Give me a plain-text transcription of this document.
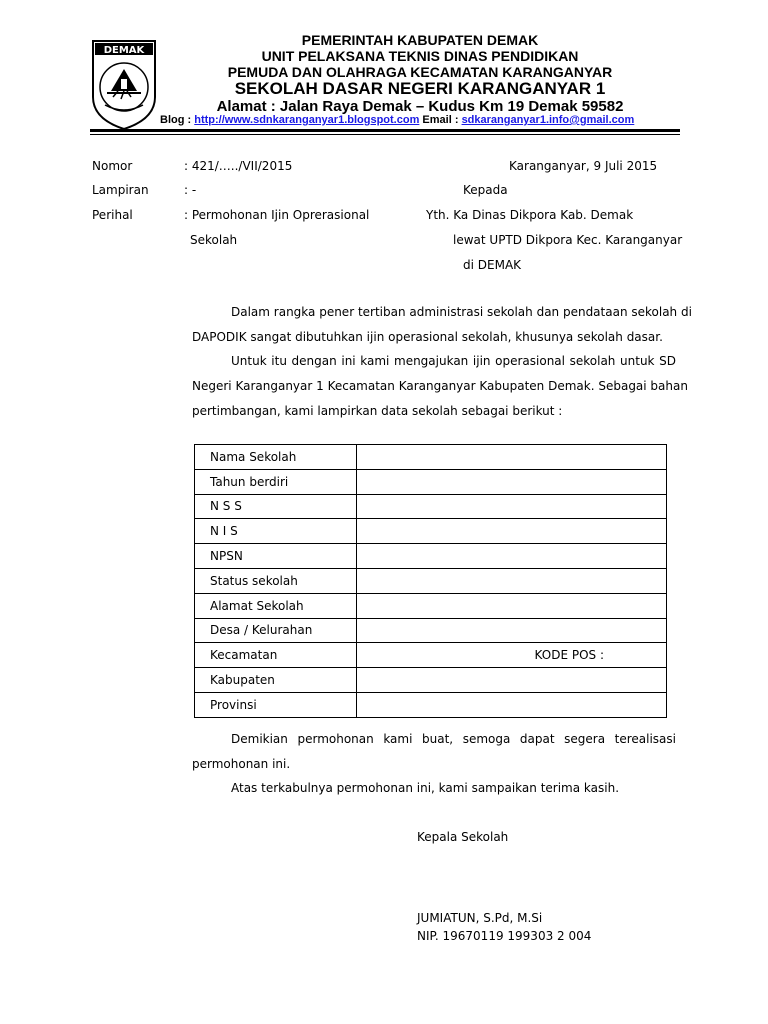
DEMAK
PEMERINTAH KABUPATEN DEMAK
UNIT PELAKSANA TEKNIS DINAS PENDIDIKAN
PEMUDA DAN OLAHRAGA KECAMATAN KARANGANYAR
SEKOLAH DASAR NEGERI KARANGANYAR 1
Alamat : Jalan Raya Demak – Kudus Km 19 Demak 59582
Blog : http://www.sdnkaranganyar1.blogspot.com Email : sdkaranganyar1.info@gmail.com
Nomor	: 421/…../VII/2015	Karanganyar, 9 Juli 2015
Lampiran	: -	Kepada
Perihal	: Permohonan Ijin Oprerasional	Yth. Ka Dinas Dikpora Kab. Demak
Sekolah	lewat UPTD Dikpora Kec. Karanganyar
di DEMAK
Dalam rangka pener tertiban administrasi sekolah dan pendataan sekolah di
DAPODIK sangat dibutuhkan ijin operasional sekolah, khusunya sekolah dasar.
Untuk itu dengan ini kami mengajukan ijin operasional sekolah untuk SD
Negeri Karanganyar 1 Kecamatan Karanganyar Kabupaten Demak. Sebagai bahan
pertimbangan, kami lampirkan data sekolah sebagai berikut :
Nama Sekolah	
Tahun berdiri	
N S S	
N I S	
NPSN	
Status sekolah	
Alamat Sekolah	
Desa / Kelurahan	
Kecamatan	KODE POS :
Kabupaten	
Provinsi	
Demikian permohonan kami buat, semoga dapat segera terealisasi
permohonan ini.
Atas terkabulnya permohonan ini, kami sampaikan terima kasih.
Kepala Sekolah
JUMIATUN, S.Pd, M.Si
NIP. 19670119 199303 2 004
